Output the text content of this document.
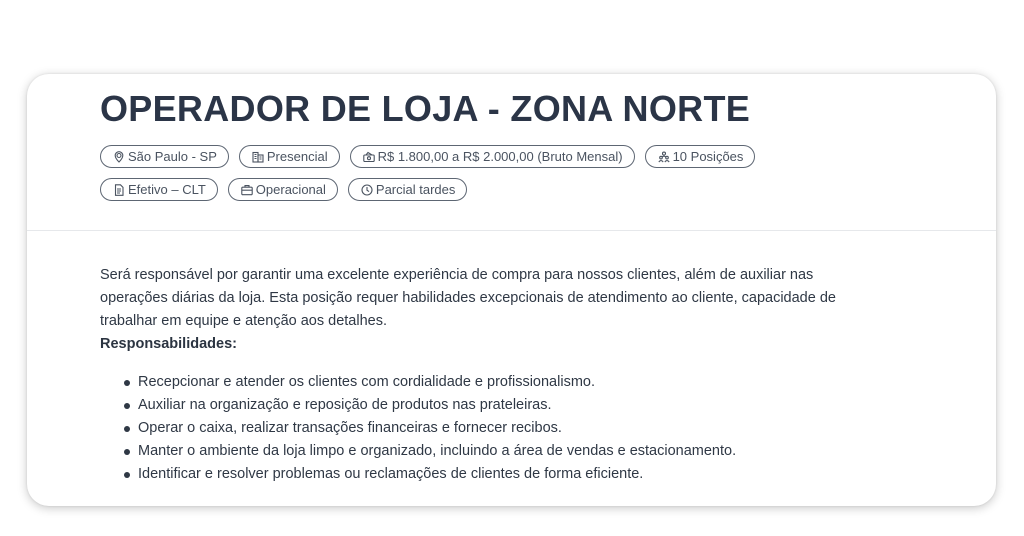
OPERADOR DE LOJA - ZONA NORTE
São Paulo - SP	Presencial	R$ 1.800,00 a R$ 2.000,00 (Bruto Mensal)	10 Posições
Efetivo – CLT	Operacional	Parcial tardes

Será responsável por garantir uma excelente experiência de compra para nossos clientes, além de auxiliar nas operações diárias da loja. Esta posição requer habilidades excepcionais de atendimento ao cliente, capacidade de trabalhar em equipe e atenção aos detalhes.

Responsabilidades:

Recepcionar e atender os clientes com cordialidade e profissionalismo.
Auxiliar na organização e reposição de produtos nas prateleiras.
Operar o caixa, realizar transações financeiras e fornecer recibos.
Manter o ambiente da loja limpo e organizado, incluindo a área de vendas e estacionamento.
Identificar e resolver problemas ou reclamações de clientes de forma eficiente.
